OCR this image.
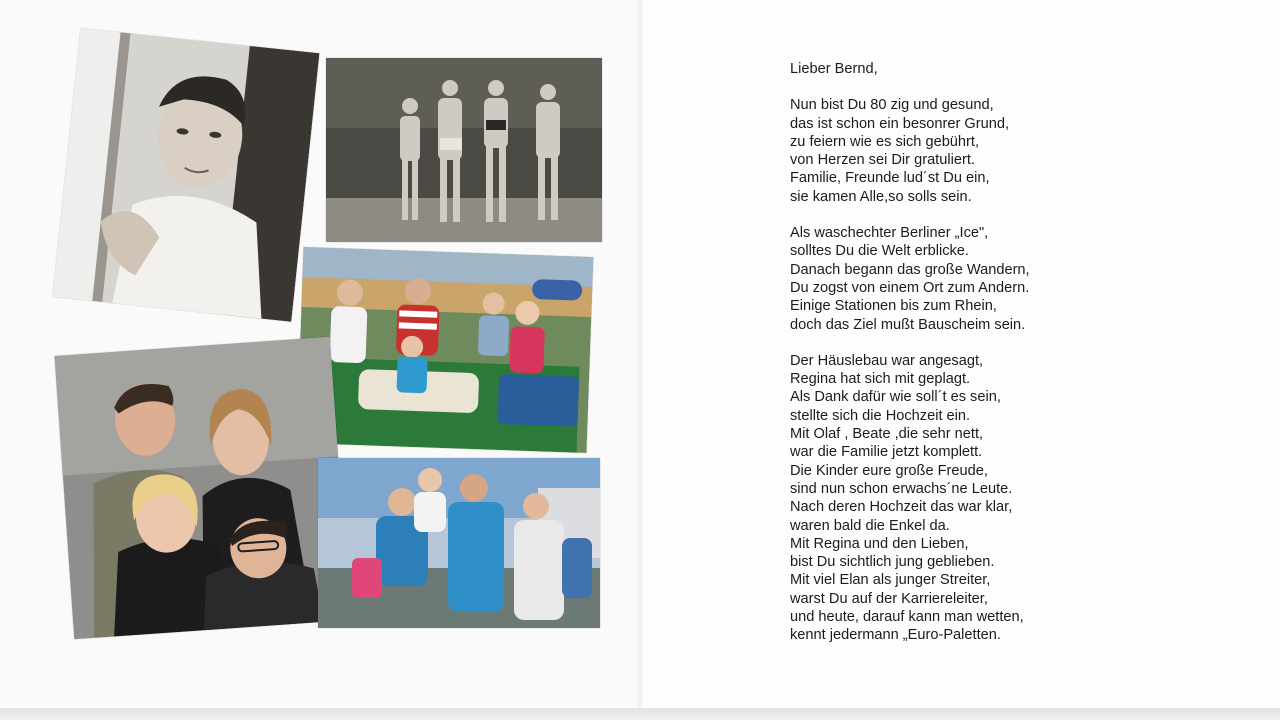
Lieber Bernd,
Nun bist Du 80 zig und gesund,
das ist schon ein besonrer Grund,
zu feiern wie es sich gebührt,
von Herzen sei Dir gratuliert.
Familie, Freunde lud´st Du ein,
sie kamen Alle,so solls sein.
Als waschechter Berliner „Ice",
solltes Du die Welt erblicke.
Danach begann das große Wandern,
Du zogst von einem Ort zum Andern.
Einige Stationen bis zum Rhein,
doch das Ziel mußt Bauscheim sein.
Der Häuslebau war angesagt,
Regina hat sich mit geplagt.
Als Dank dafür wie soll´t es sein,
stellte sich die Hochzeit ein.
Mit Olaf , Beate ,die sehr nett,
war die Familie jetzt komplett.
Die Kinder eure große Freude,
sind nun schon erwachs´ne Leute.
Nach deren Hochzeit das war klar,
waren bald die Enkel da.
Mit Regina und den Lieben,
bist Du sichtlich jung geblieben.
Mit viel Elan als junger Streiter,
warst Du auf der Karriereleiter,
und heute, darauf kann man wetten,
kennt jedermann „Euro-Paletten.
